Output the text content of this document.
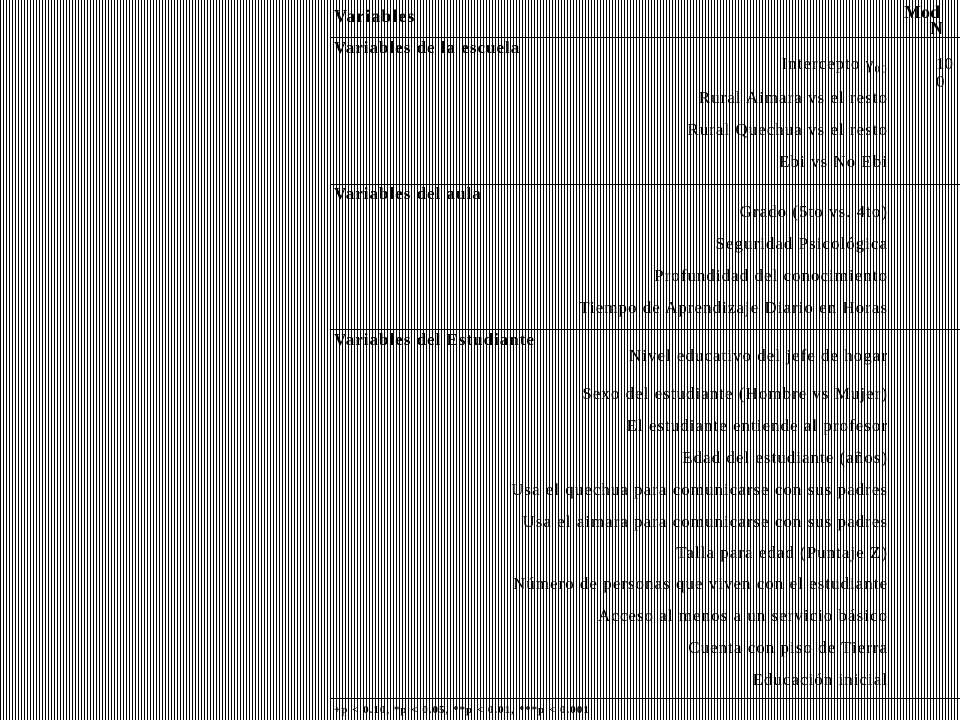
Variables	Mod
N
Variables de la escuela
Intercepto γ₀₀	10
Rural Aimara vs el resto
0
Rural Quechua vs el resto
Ebi vs No Ebi
Variables del aula
Grado (5to vs. 4to)
Seguridad Psicológica
Profundidad del conocimiento
Tiempo de Aprendizaje Diario en Horas
Variables del Estudiante
Nivel educativo del jefe de hogar
Sexo del estudiante (Hombre vs Mujer)
El estudiante entiende al profesor
Edad del estudiante (años)
Usa el quechua para comunicarse con sus padres
Usa el aimara para comunicarse con sus padres
Talla para edad (Puntaje Z)
Número de personas que viven con el estudiante
Acceso al menos a un servicio básico
Cuenta con piso de Tierra
Educación inicial
+p < 0.10, *p < 0.05, **p < 0.01, ***p < 0.001
